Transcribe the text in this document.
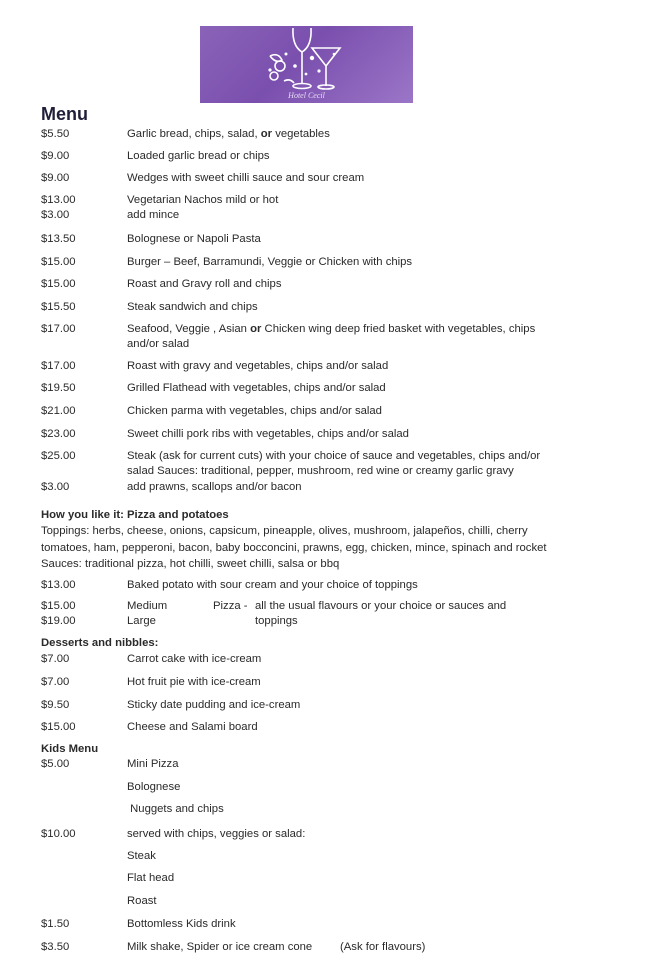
Hotel Cecil
Menu
$5.50	Garlic bread, chips, salad, or vegetables
$9.00	Loaded garlic bread or chips
$9.00	Wedges with sweet chilli sauce and sour cream
$13.00	Vegetarian Nachos mild or hot
$3.00	add mince
$13.50	Bolognese or Napoli Pasta
$15.00	Burger – Beef, Barramundi, Veggie or Chicken with chips
$15.00	Roast and Gravy roll and chips
$15.50	Steak sandwich and chips
$17.00	Seafood, Veggie , Asian or Chicken wing deep fried basket with vegetables, chips
and/or salad
$17.00	Roast with gravy and vegetables, chips and/or salad
$19.50	Grilled Flathead with vegetables, chips and/or salad
$21.00	Chicken parma with vegetables, chips and/or salad
$23.00	Sweet chilli pork ribs with vegetables, chips and/or salad
$25.00	Steak (ask for current cuts) with your choice of sauce and vegetables, chips and/or
salad Sauces: traditional, pepper, mushroom, red wine or creamy garlic gravy
$3.00	add prawns, scallops and/or bacon
How you like it: Pizza and potatoes
Toppings: herbs, cheese, onions, capsicum, pineapple, olives, mushroom, jalapeños, chilli, cherry
tomatoes, ham, pepperoni, bacon, baby bocconcini, prawns, egg, chicken, mince, spinach and rocket
Sauces: traditional pizza, hot chilli, sweet chilli, salsa or bbq
$13.00	Baked potato with sour cream and your choice of toppings
$15.00	Medium	Pizza - all the usual flavours or your choice or sauces and
$19.00	Large	toppings
Desserts and nibbles:
$7.00	Carrot cake with ice-cream
$7.00	Hot fruit pie with ice-cream
$9.50	Sticky date pudding and ice-cream
$15.00	Cheese and Salami board
Kids Menu
$5.00	Mini Pizza
Bolognese
Nuggets and chips
$10.00	served with chips, veggies or salad:
Steak
Flat head
Roast
$1.50	Bottomless Kids drink
$3.50	Milk shake, Spider or ice cream cone (Ask for flavours)
